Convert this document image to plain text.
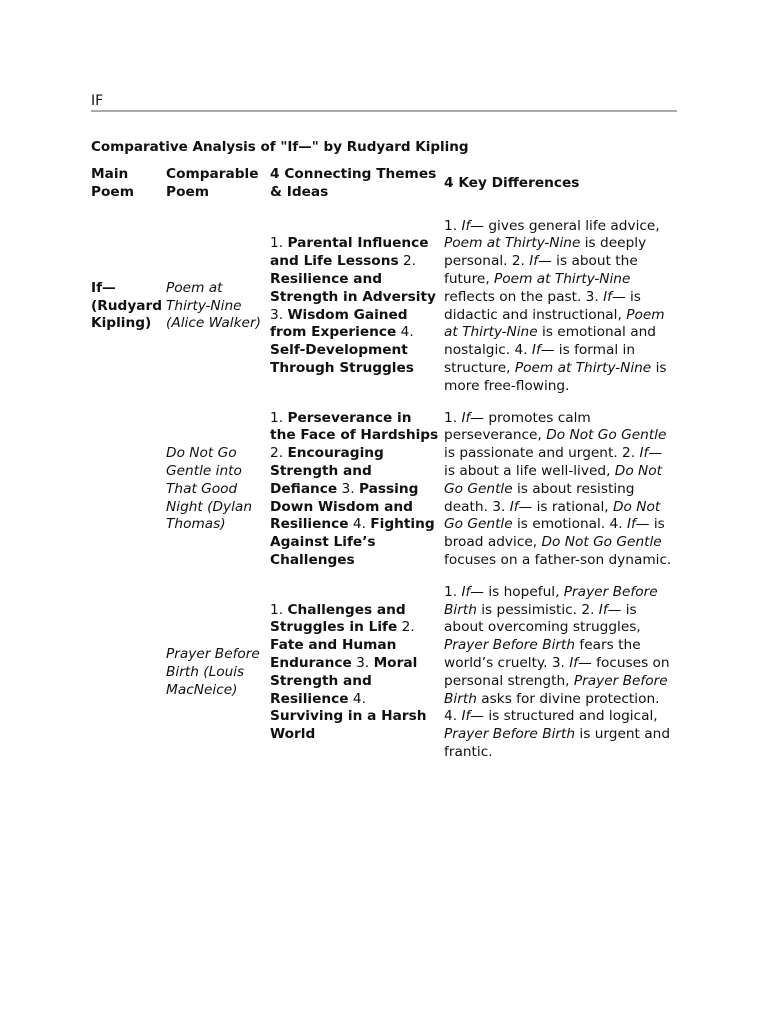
IF
Comparative Analysis of "If—" by Rudyard Kipling
Main Poem	Comparable Poem	4 Connecting Themes & Ideas	4 Key Differences
If— (Rudyard Kipling)	Poem at Thirty-Nine (Alice Walker)	1. Parental Influence and Life Lessons 2. Resilience and Strength in Adversity 3. Wisdom Gained from Experience 4. Self-Development Through Struggles	1. If— gives general life advice, Poem at Thirty-Nine is deeply personal. 2. If— is about the future, Poem at Thirty-Nine reflects on the past. 3. If— is didactic and instructional, Poem at Thirty-Nine is emotional and nostalgic. 4. If— is formal in structure, Poem at Thirty-Nine is more free-flowing.
	Do Not Go Gentle into That Good Night (Dylan Thomas)	1. Perseverance in the Face of Hardships 2. Encouraging Strength and Defiance 3. Passing Down Wisdom and Resilience 4. Fighting Against Life’s Challenges	1. If— promotes calm perseverance, Do Not Go Gentle is passionate and urgent. 2. If— is about a life well-lived, Do Not Go Gentle is about resisting death. 3. If— is rational, Do Not Go Gentle is emotional. 4. If— is broad advice, Do Not Go Gentle focuses on a father-son dynamic.
	Prayer Before Birth (Louis MacNeice)	1. Challenges and Struggles in Life 2. Fate and Human Endurance 3. Moral Strength and Resilience 4. Surviving in a Harsh World	1. If— is hopeful, Prayer Before Birth is pessimistic. 2. If— is about overcoming struggles, Prayer Before Birth fears the world’s cruelty. 3. If— focuses on personal strength, Prayer Before Birth asks for divine protection. 4. If— is structured and logical, Prayer Before Birth is urgent and frantic.
